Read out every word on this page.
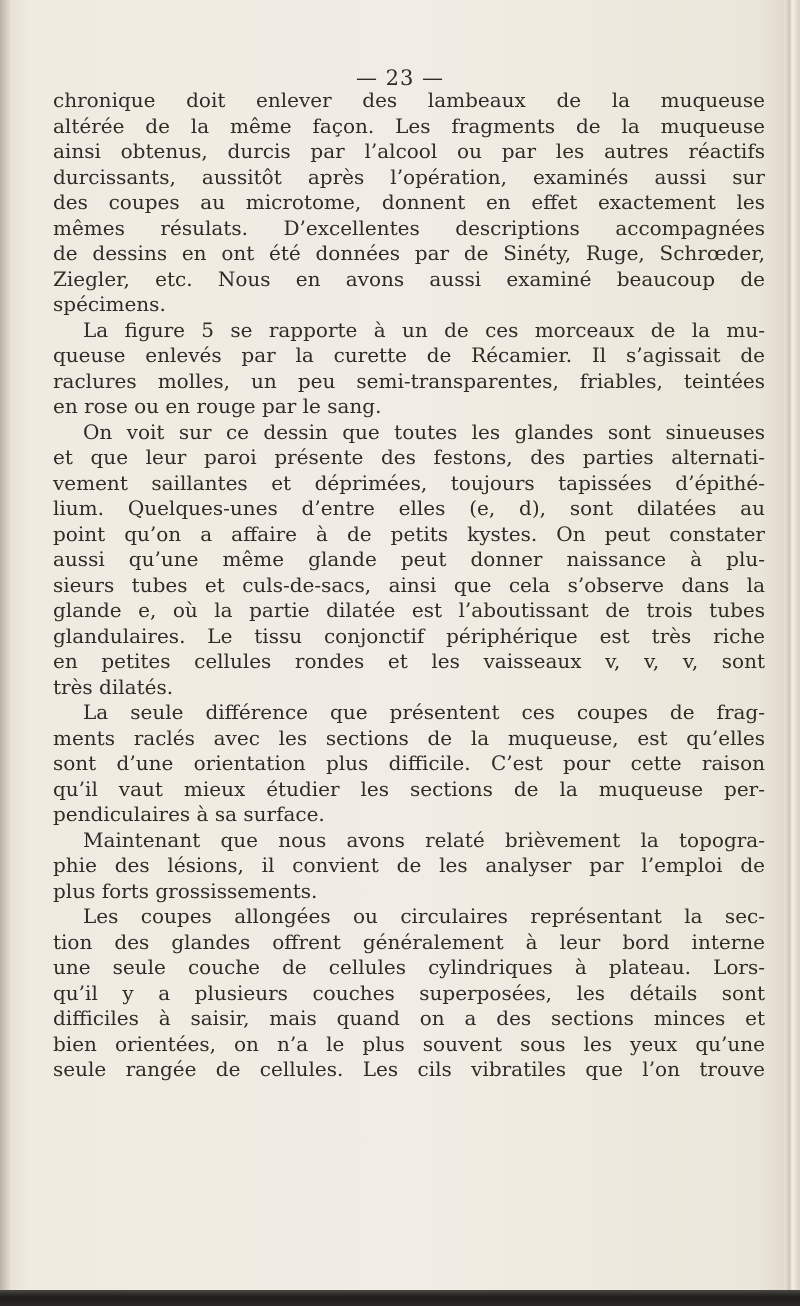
— 23 —
chronique doit enlever des lambeaux de la muqueuse
altérée de la même façon. Les fragments de la muqueuse
ainsi obtenus, durcis par l’alcool ou par les autres réactifs
durcissants, aussitôt après l’opération, examinés aussi sur
des coupes au microtome, donnent en effet exactement les
mêmes résulats. D’excellentes descriptions accompagnées
de dessins en ont été données par de Sinéty, Ruge, Schrœder,
Ziegler, etc. Nous en avons aussi examiné beaucoup de
spécimens.
La figure 5 se rapporte à un de ces morceaux de la mu-
queuse enlevés par la curette de Récamier. Il s’agissait de
raclures molles, un peu semi-transparentes, friables, teintées
en rose ou en rouge par le sang.
On voit sur ce dessin que toutes les glandes sont sinueuses
et que leur paroi présente des festons, des parties alternati-
vement saillantes et déprimées, toujours tapissées d’épithé-
lium. Quelques-unes d’entre elles (e, d), sont dilatées au
point qu’on a affaire à de petits kystes. On peut constater
aussi qu’une même glande peut donner naissance à plu-
sieurs tubes et culs-de-sacs, ainsi que cela s’observe dans la
glande e, où la partie dilatée est l’aboutissant de trois tubes
glandulaires. Le tissu conjonctif périphérique est très riche
en petites cellules rondes et les vaisseaux v, v, v, sont
très dilatés.
La seule différence que présentent ces coupes de frag-
ments raclés avec les sections de la muqueuse, est qu’elles
sont d’une orientation plus difficile. C’est pour cette raison
qu’il vaut mieux étudier les sections de la muqueuse per-
pendiculaires à sa surface.
Maintenant que nous avons relaté brièvement la topogra-
phie des lésions, il convient de les analyser par l’emploi de
plus forts grossissements.
Les coupes allongées ou circulaires représentant la sec-
tion des glandes offrent généralement à leur bord interne
une seule couche de cellules cylindriques à plateau. Lors-
qu’il y a plusieurs couches superposées, les détails sont
difficiles à saisir, mais quand on a des sections minces et
bien orientées, on n’a le plus souvent sous les yeux qu’une
seule rangée de cellules. Les cils vibratiles que l’on trouve
